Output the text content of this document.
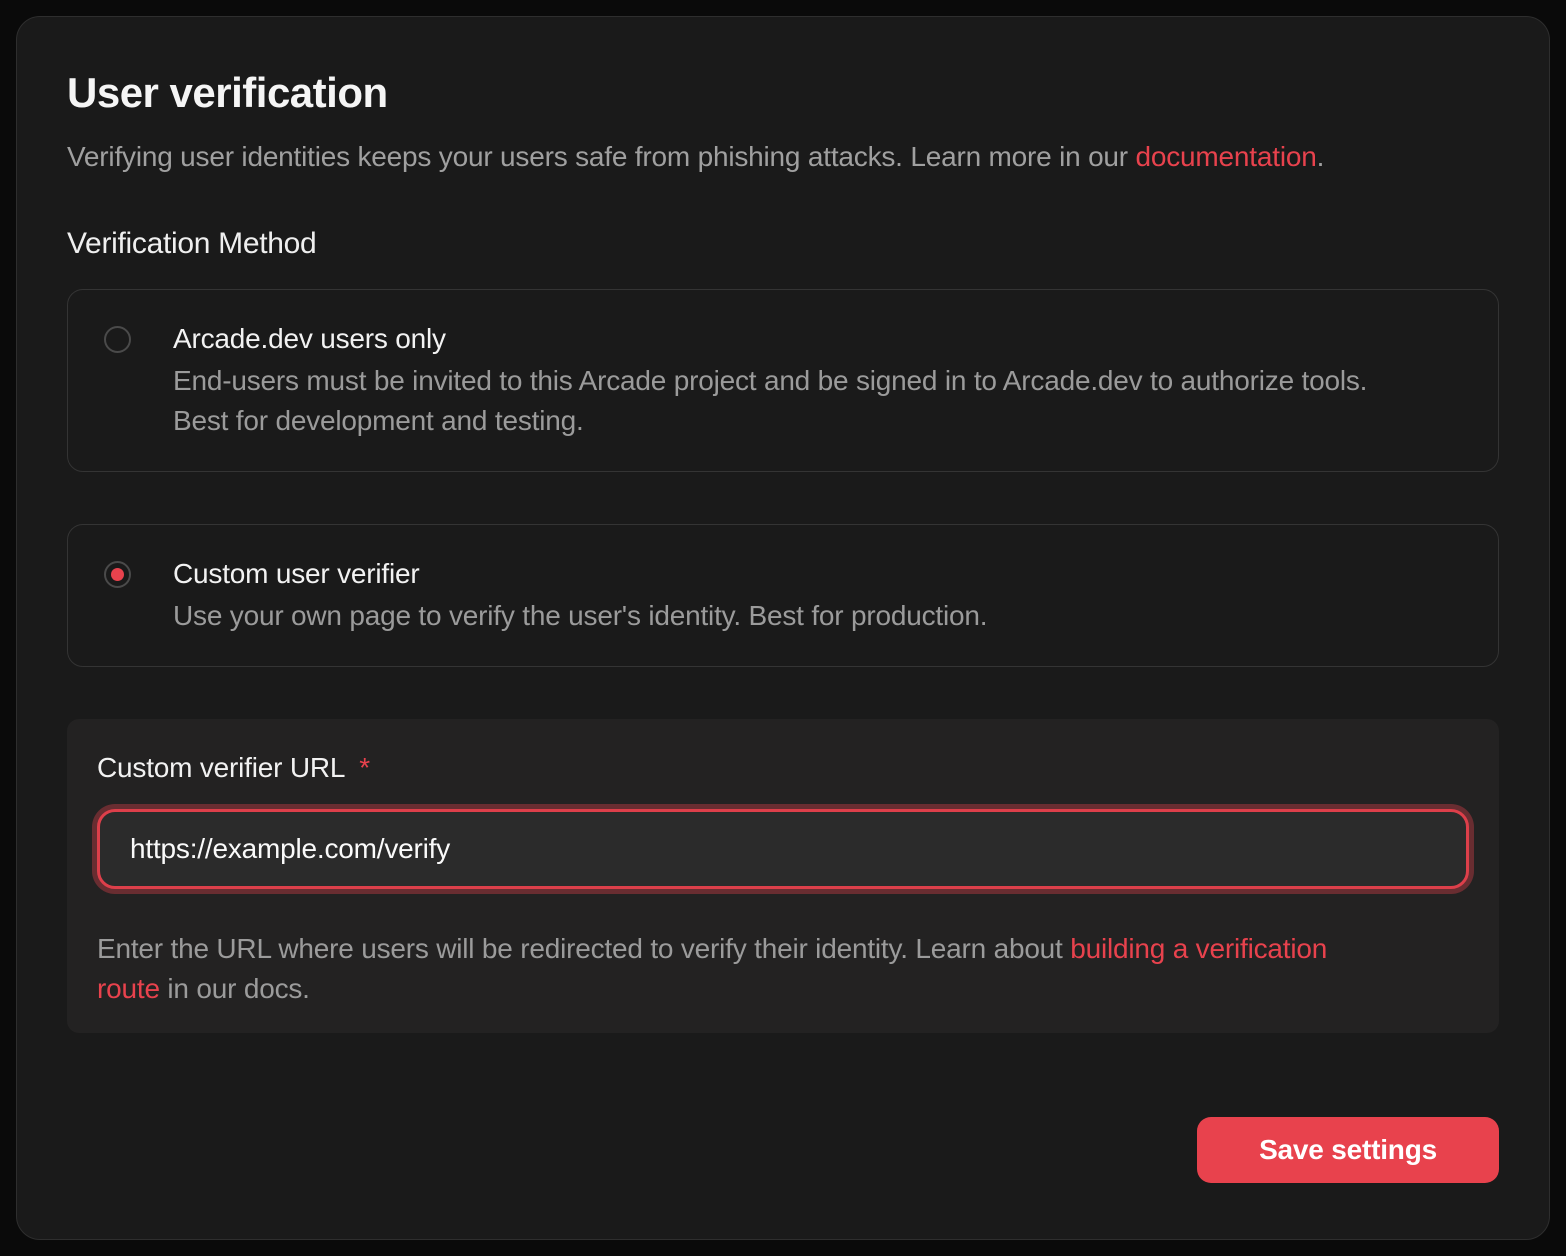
User verification

Verifying user identities keeps your users safe from phishing attacks. Learn more in our documentation.

Verification Method
Arcade.dev users only
End-users must be invited to this Arcade project and be signed in to Arcade.dev to authorize tools. Best for development and testing.
Custom user verifier
Use your own page to verify the user's identity. Best for production.
Custom verifier URL *
https://example.com/verify

Enter the URL where users will be redirected to verify their identity. Learn about building a verification route in our docs.

Save settings
